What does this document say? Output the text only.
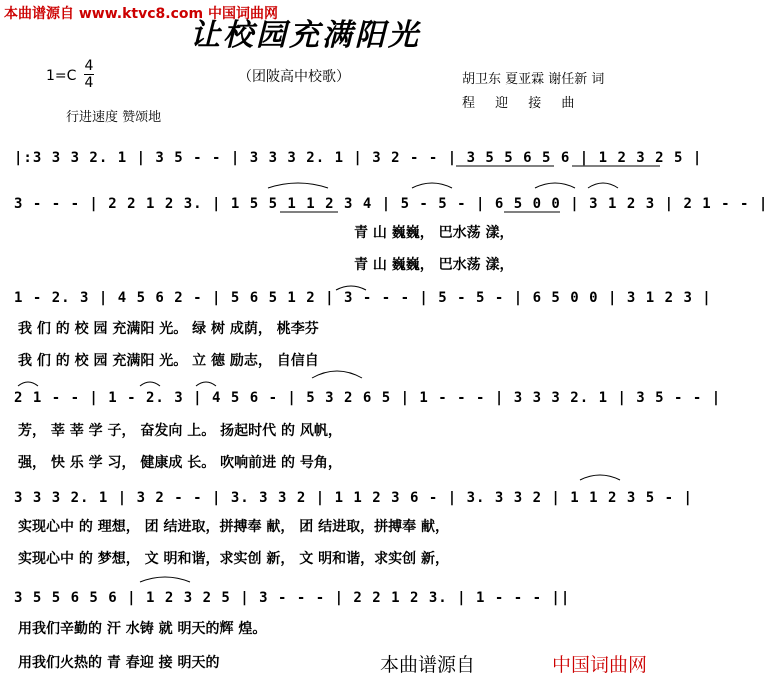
本曲谱源自 www.ktvc8.com 中国词曲网
让校园充满阳光
1=C
4
4	（团陂高中校歌）	胡卫东 夏亚霖 谢任新 词
程 迎 接 曲
行进速度 赞颂地
|:3 3 3 2. 1 | 3 5 - - | 3 3 3 2. 1 | 3 2 - - | 3 5 5 6 5 6 | 1 2 3 2 5 |
3 - - - | 2 2 1 2 3. | 1 5 5 1 1 2 3 4 | 5 - 5 - | 6 5 0 0 | 3 1 2 3 | 2 1 - - |
青 山 巍巍， 巴水荡 漾，
青 山 巍巍， 巴水荡 漾，
1 - 2. 3 | 4 5 6 2 - | 5 6 5 1 2 | 3 - - - | 5 - 5 - | 6 5 0 0 | 3 1 2 3 |
我 们 的 校 园 充满阳 光。 绿 树 成荫， 桃李芬
我 们 的 校 园 充满阳 光。 立 德 励志， 自信自
2 1 - - | 1 - 2. 3 | 4 5 6 - | 5 3 2 6 5 | 1 - - - | 3 3 3 2. 1 | 3 5 - - |
芳， 莘 莘 学 子， 奋发向 上。 扬起时代 的 风帆，
强， 快 乐 学 习， 健康成 长。 吹响前进 的 号角，
3 3 3 2. 1 | 3 2 - - | 3. 3 3 2 | 1 1 2 3 6 - | 3. 3 3 2 | 1 1 2 3 5 - |
实现心中 的 理想， 团 结进取，拼搏奉 献， 团 结进取，拼搏奉 献，
实现心中 的 梦想， 文 明和谐，求实创 新， 文 明和谐，求实创 新，
3 5 5 6 5 6 | 1 2 3 2 5 | 3 - - - | 2 2 1 2 3. | 1 - - - ||
用我们辛勤的 汗 水铸 就 明天的辉 煌。
用我们火热的 青 春迎 接 明天的	本曲谱源自	中国词曲网
